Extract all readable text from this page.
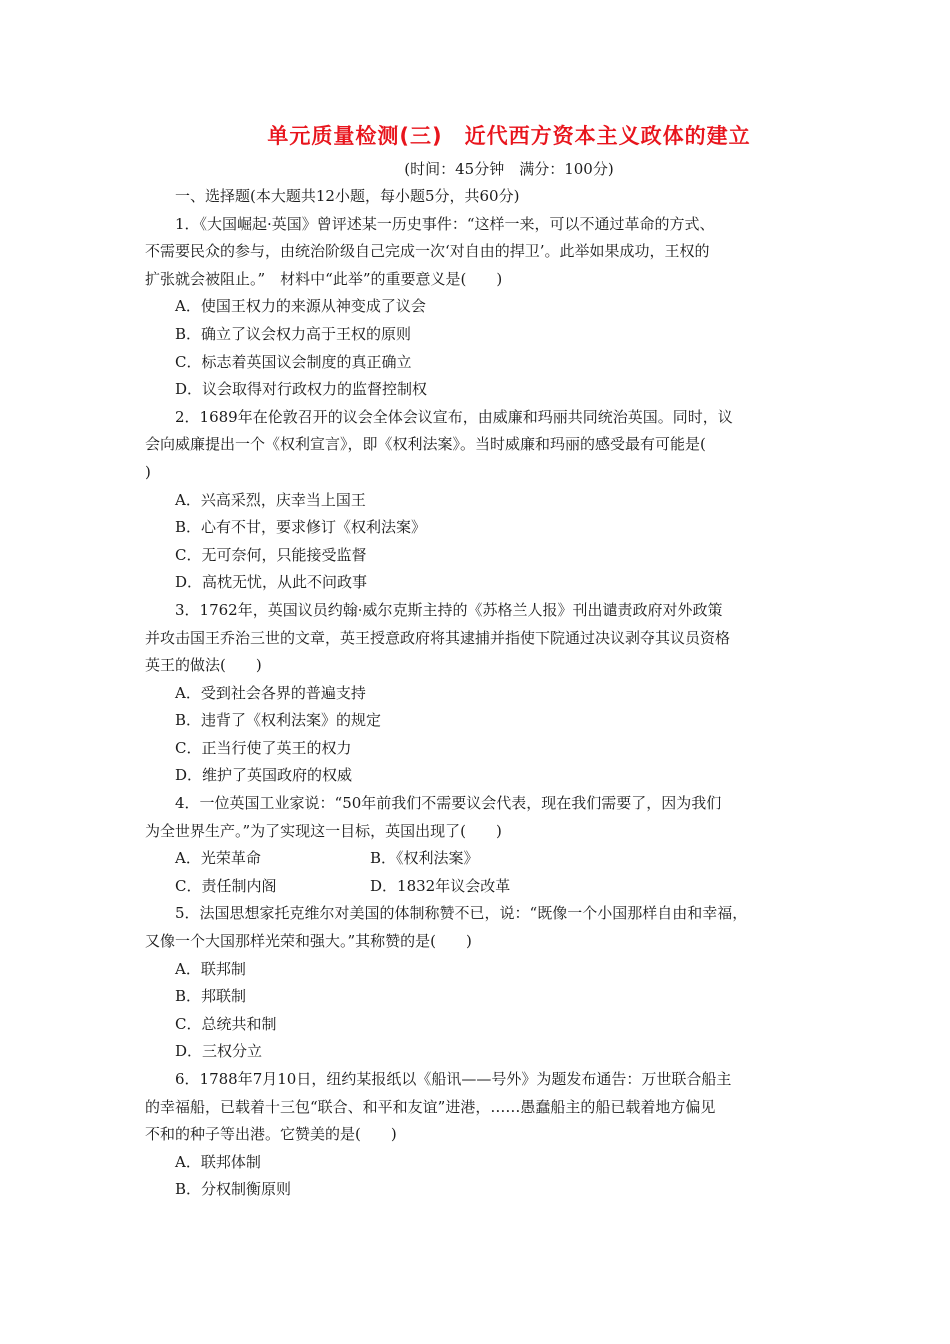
单元质量检测(三)　近代西方资本主义政体的建立
(时间：45分钟　满分：100分)
一、选择题(本大题共12小题，每小题5分，共60分)
1．《大国崛起·英国》曾评述某一历史事件：“这样一来，可以不通过革命的方式、
不需要民众的参与，由统治阶级自己完成一次‘对自由的捍卫’。此举如果成功，王权的
扩张就会被阻止。”　材料中“此举”的重要意义是(　　)
A．使国王权力的来源从神变成了议会
B．确立了议会权力高于王权的原则
C．标志着英国议会制度的真正确立
D．议会取得对行政权力的监督控制权
2．1689年在伦敦召开的议会全体会议宣布，由威廉和玛丽共同统治英国。同时，议
会向威廉提出一个《权利宣言》，即《权利法案》。当时威廉和玛丽的感受最有可能是(
)
A．兴高采烈，庆幸当上国王
B．心有不甘，要求修订《权利法案》
C．无可奈何，只能接受监督
D．高枕无忧，从此不问政事
3．1762年，英国议员约翰·威尔克斯主持的《苏格兰人报》刊出谴责政府对外政策
并攻击国王乔治三世的文章，英王授意政府将其逮捕并指使下院通过决议剥夺其议员资格
英王的做法(　　)
A．受到社会各界的普遍支持
B．违背了《权利法案》的规定
C．正当行使了英王的权力
D．维护了英国政府的权威
4．一位英国工业家说：“50年前我们不需要议会代表，现在我们需要了，因为我们
为全世界生产。”为了实现这一目标，英国出现了(　　)
A．光荣革命	B．《权利法案》
C．责任制内阁	D．1832年议会改革
5．法国思想家托克维尔对美国的体制称赞不已，说：“既像一个小国那样自由和幸福，
又像一个大国那样光荣和强大。”其称赞的是(　　)
A．联邦制
B．邦联制
C．总统共和制
D．三权分立
6．1788年7月10日，纽约某报纸以《船讯——号外》为题发布通告：万世联合船主
的幸福船，已载着十三包“联合、和平和友谊”进港，……愚蠢船主的船已载着地方偏见
不和的种子等出港。它赞美的是(　　)
A．联邦体制
B．分权制衡原则
